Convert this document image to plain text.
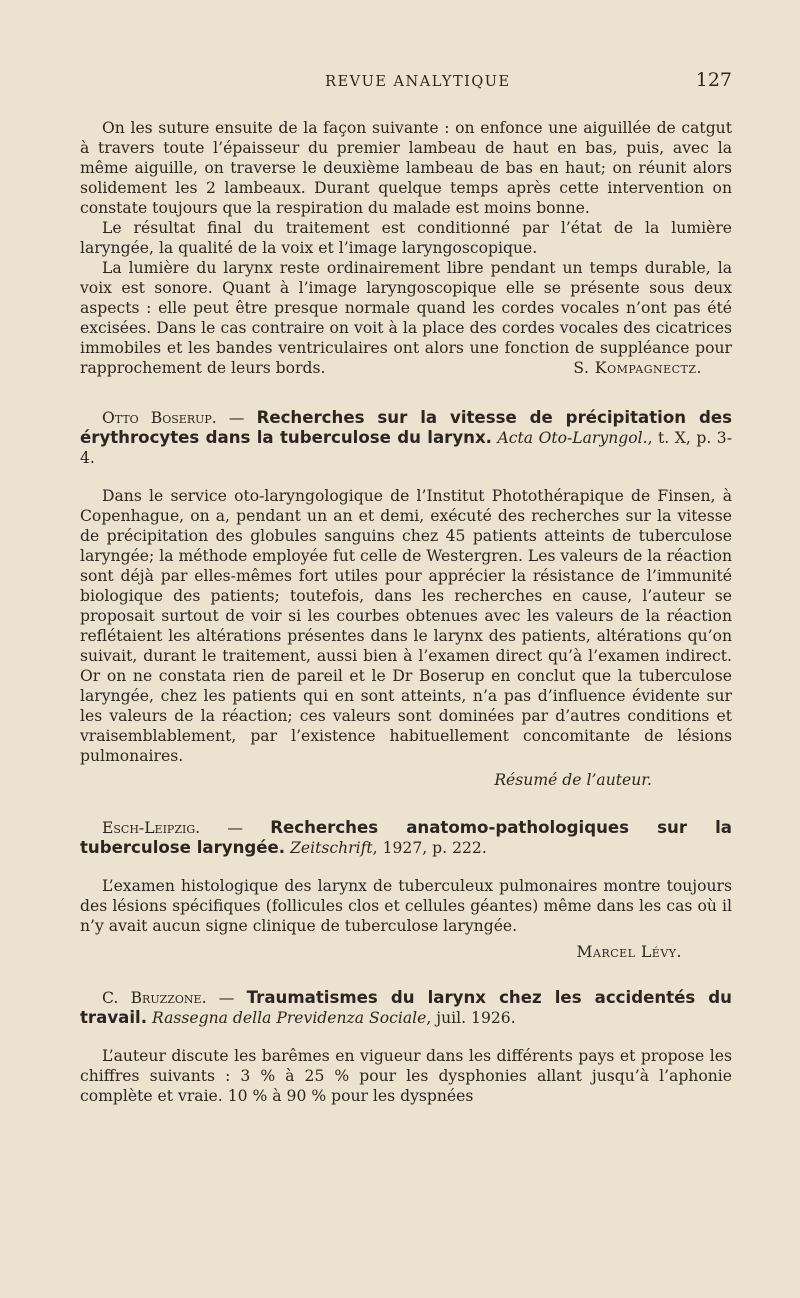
REVUE ANALYTIQUE	127

On les suture ensuite de la façon suivante : on enfonce une aiguillée de catgut à travers toute l’épaisseur du premier lambeau de haut en bas, puis, avec la même aiguille, on traverse le deuxième lambeau de bas en haut; on réunit alors solidement les 2 lambeaux. Durant quelque temps après cette intervention on constate toujours que la respiration du malade est moins bonne.

Le résultat final du traitement est conditionné par l’état de la lumière laryngée, la qualité de la voix et l’image laryngoscopique.

La lumière du larynx reste ordinairement libre pendant un temps durable, la voix est sonore. Quant à l’image laryngoscopique elle se présente sous deux aspects : elle peut être presque normale quand les cordes vocales n’ont pas été excisées. Dans le cas contraire on voit à la place des cordes vocales des cicatrices immobiles et les bandes ventriculaires ont alors une fonction de suppléance pour rapprochement de leurs bords.	S. Kompagnectz.

Otto Boserup. — Recherches sur la vitesse de précipitation des érythrocytes dans la tuberculose du larynx. Acta Oto-Laryngol., t. X, p. 3-4.

Dans le service oto-laryngologique de l’Institut Photothérapique de Finsen, à Copenhague, on a, pendant un an et demi, exécuté des recherches sur la vitesse de précipitation des globules sanguins chez 45 patients atteints de tuberculose laryngée; la méthode employée fut celle de Westergren. Les valeurs de la réaction sont déjà par elles-mêmes fort utiles pour apprécier la résistance de l’immunité biologique des patients; toutefois, dans les recherches en cause, l’auteur se proposait surtout de voir si les courbes obtenues avec les valeurs de la réaction reflétaient les altérations présentes dans le larynx des patients, altérations qu’on suivait, durant le traitement, aussi bien à l’examen direct qu’à l’examen indirect. Or on ne constata rien de pareil et le Dr Boserup en conclut que la tuberculose laryngée, chez les patients qui en sont atteints, n’a pas d’influence évidente sur les valeurs de la réaction; ces valeurs sont dominées par d’autres conditions et vraisemblablement, par l’existence habituellement concomitante de lésions pulmonaires.

Résumé de l’auteur.

Esch-Leipzig. — Recherches anatomo-pathologiques sur la tuberculose laryngée. Zeitschrift, 1927, p. 222.

L’examen histologique des larynx de tuberculeux pulmonaires montre toujours des lésions spécifiques (follicules clos et cellules géantes) même dans les cas où il n’y avait aucun signe clinique de tuberculose laryngée.

Marcel Lévy.

C. Bruzzone. — Traumatismes du larynx chez les accidentés du travail. Rassegna della Previdenza Sociale, juil. 1926.

L’auteur discute les barêmes en vigueur dans les différents pays et propose les chiffres suivants : 3 % à 25 % pour les dysphonies allant jusqu’à l’aphonie complète et vraie. 10 % à 90 % pour les dyspnées
